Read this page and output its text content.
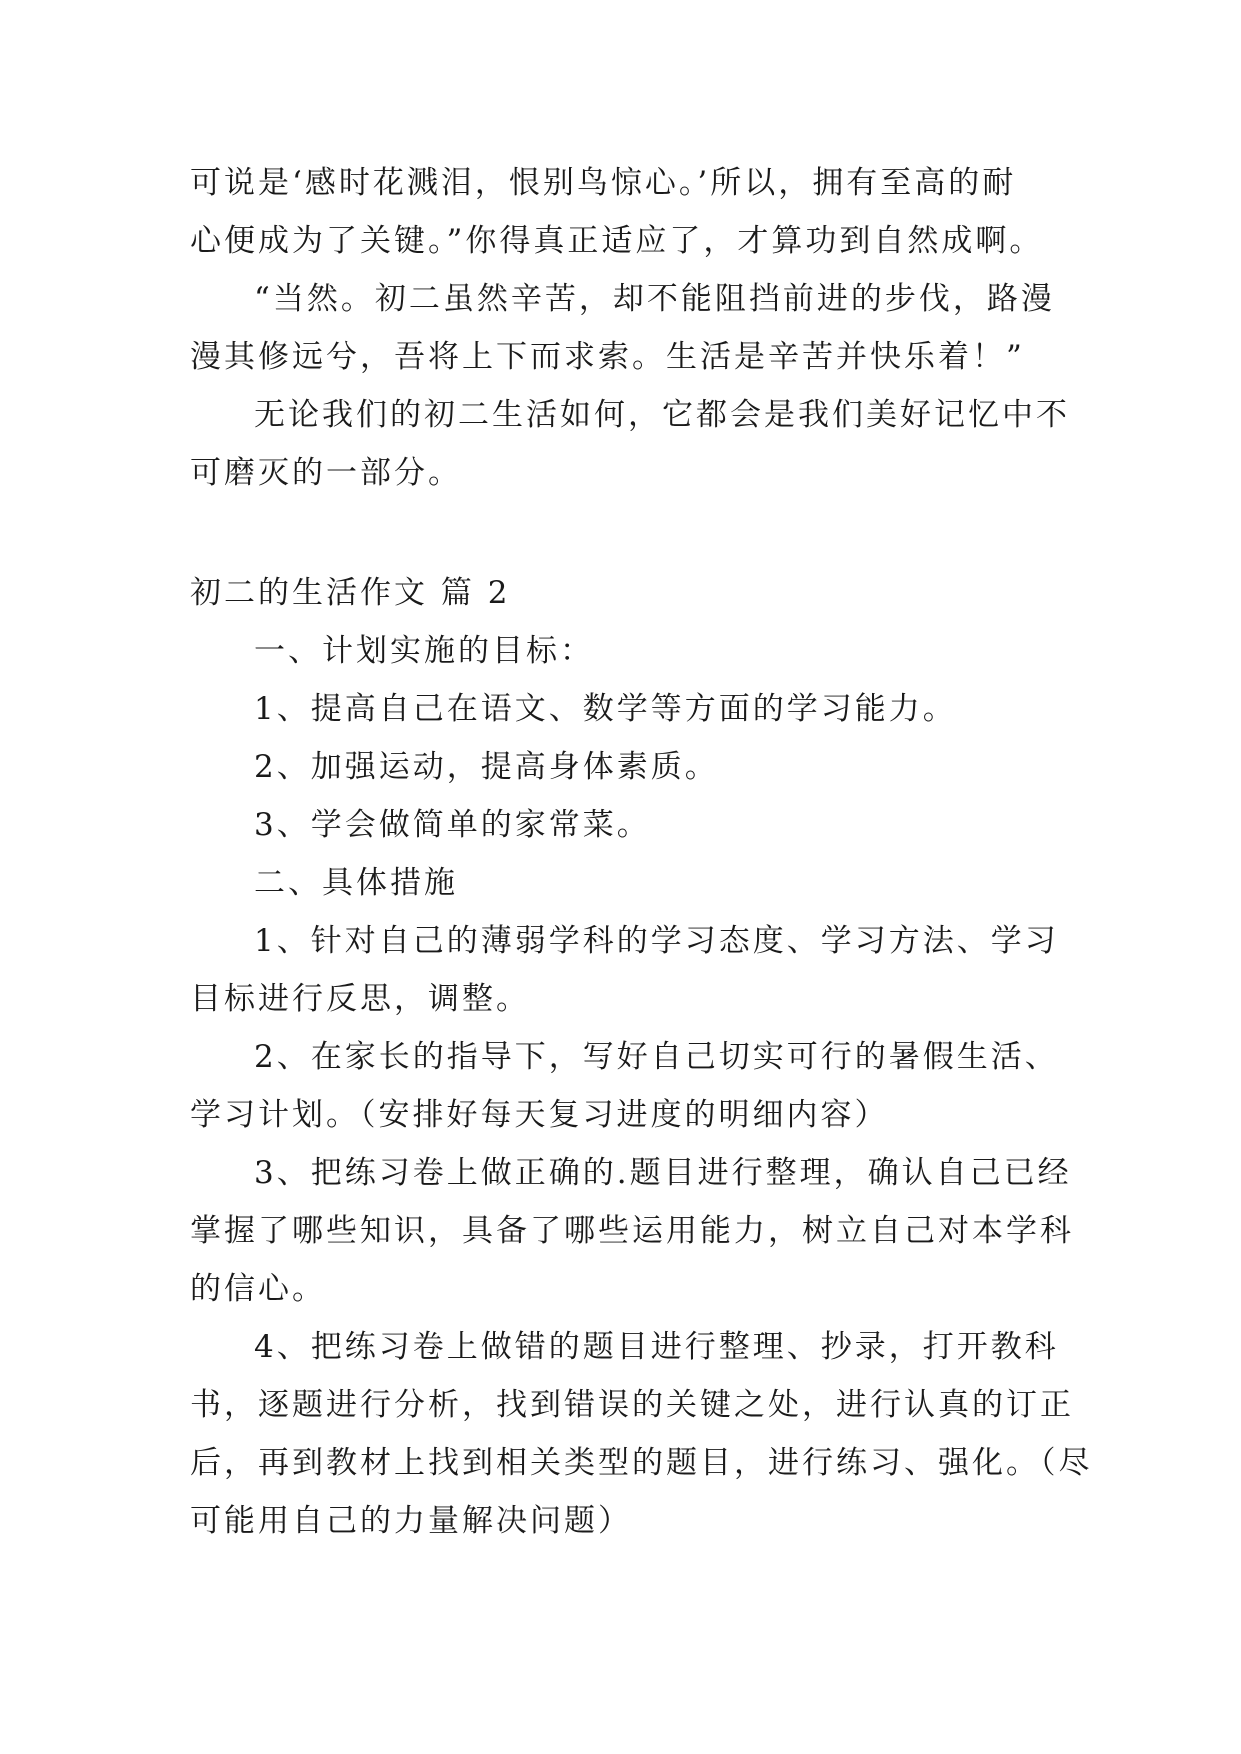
可说是‘感时花溅泪，恨别鸟惊心。’所以，拥有至高的耐
心便成为了关键。”你得真正适应了，才算功到自然成啊。
“当然。初二虽然辛苦，却不能阻挡前进的步伐，路漫
漫其修远兮，吾将上下而求索。生活是辛苦并快乐着！”
无论我们的初二生活如何，它都会是我们美好记忆中不
可磨灭的一部分。
初二的生活作文 篇 2
一、计划实施的目标：
1、提高自己在语文、数学等方面的学习能力。
2、加强运动，提高身体素质。
3、学会做简单的家常菜。
二、具体措施
1、针对自己的薄弱学科的学习态度、学习方法、学习
目标进行反思，调整。
2、在家长的指导下，写好自己切实可行的暑假生活、
学习计划。（安排好每天复习进度的明细内容）
3、把练习卷上做正确的.题目进行整理，确认自己已经
掌握了哪些知识，具备了哪些运用能力，树立自己对本学科
的信心。
4、把练习卷上做错的题目进行整理、抄录，打开教科
书，逐题进行分析，找到错误的关键之处，进行认真的订正
后，再到教材上找到相关类型的题目，进行练习、强化。（尽
可能用自己的力量解决问题）
